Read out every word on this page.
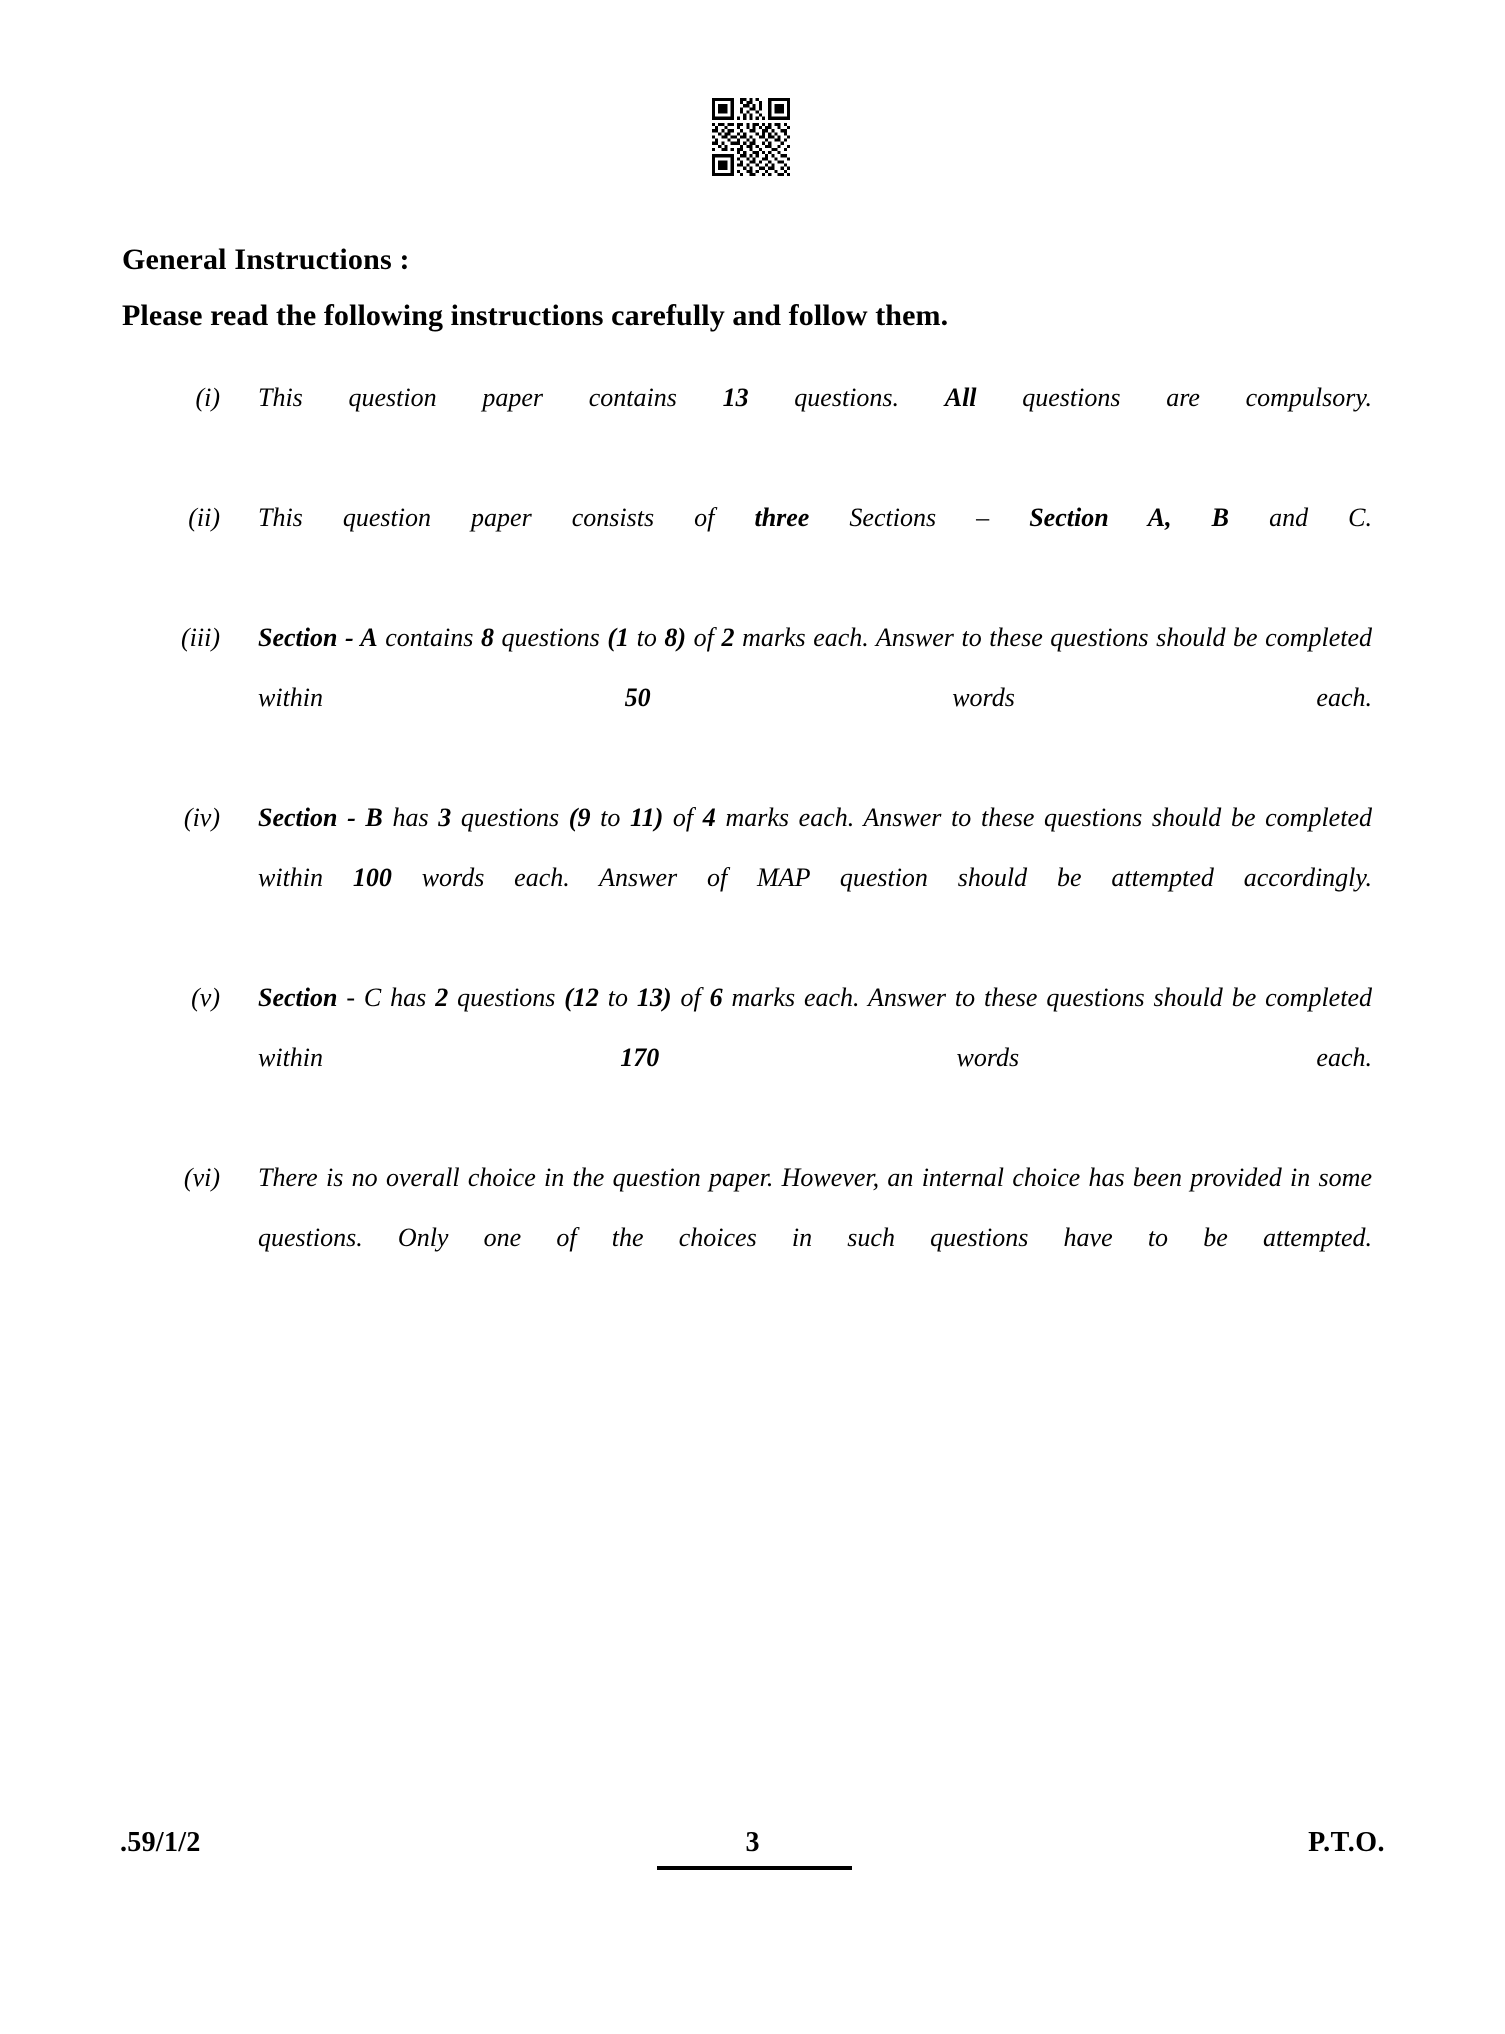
General Instructions :
Please read the following instructions carefully and follow them.
(i)	This question paper contains 13 questions. All questions are compulsory.
(ii)	This question paper consists of three Sections – Section A, B and C.
(iii)	Section - A contains 8 questions (1 to 8) of 2 marks each. Answer to these questions should be completed within 50 words each.
(iv)	Section - B has 3 questions (9 to 11) of 4 marks each. Answer to these questions should be completed within 100 words each. Answer of MAP question should be attempted accordingly.
(v)	Section - C has 2 questions (12 to 13) of 6 marks each. Answer to these questions should be completed within 170 words each.
(vi)	There is no overall choice in the question paper. However, an internal choice has been provided in some questions. Only one of the choices in such questions have to be attempted.
.59/1/2	3	P.T.O.
